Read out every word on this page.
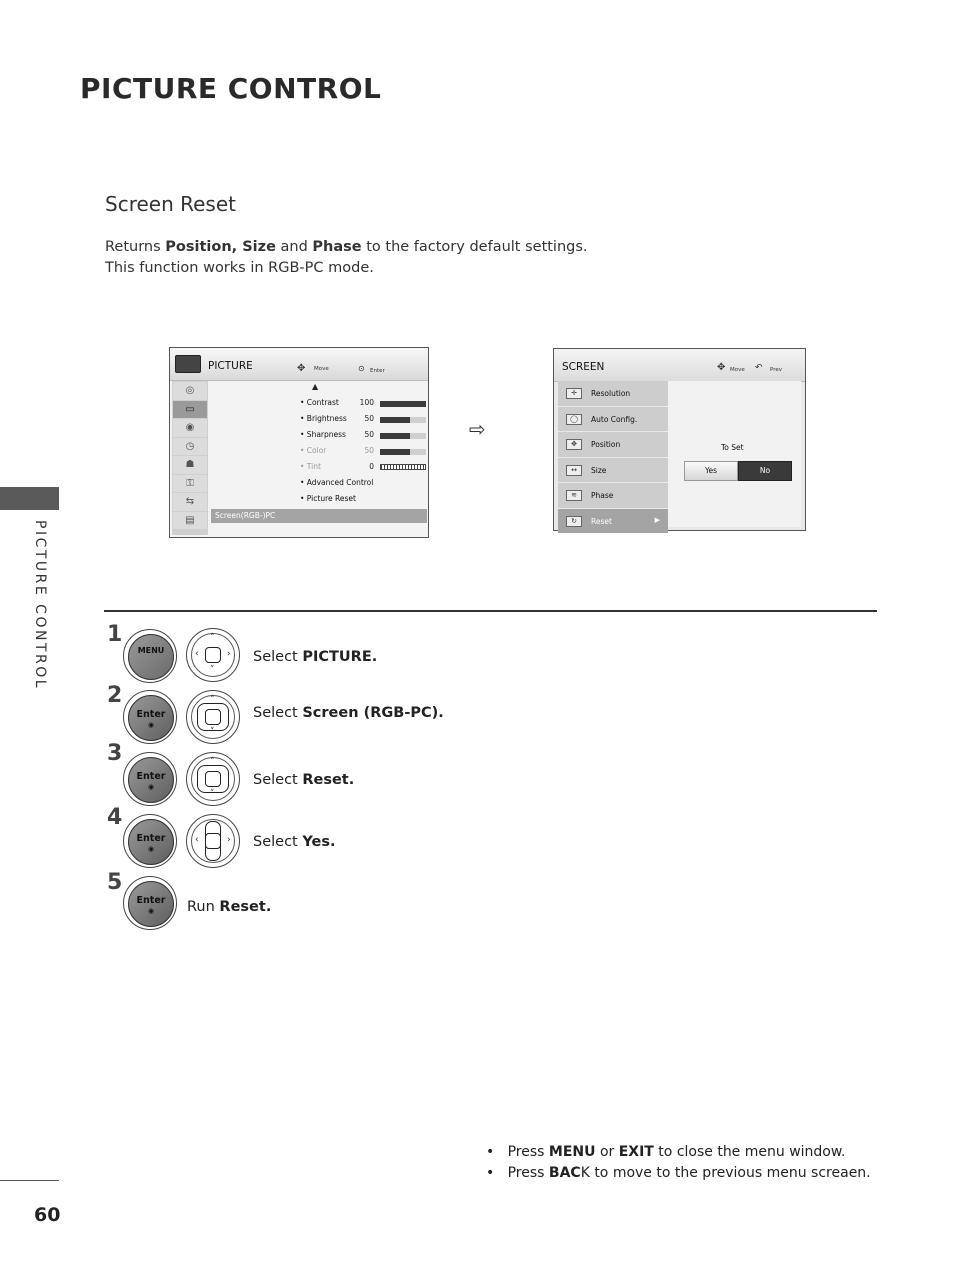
PICTURE CONTROL
PICTURE CONTROL
Screen Reset
Returns Position, Size and Phase to the factory default settings.
This function works in RGB-PC mode.
PICTURE	✥ Move	⊙ Enter
◎
▭
◉
◷
☗
⚿
⇆
▤
▲
• Contrast	100
• Brightness	50
• Sharpness	50
• Color	50
• Tint	0
• Advanced Control
• Picture Reset
Screen(RGB-)PC
⇨
SCREEN	✥ Move ↶ Prev
✛	Resolution
◯	Auto Config.
✥	Position
↔	Size
≋	Phase
↻	Reset	▶
To Set
Yes	No
1
MENU
˄
˅
‹	› Select PICTURE.
2
Enter
◉
˄
˅
Select Screen (RGB-PC).
3
Enter
◉
˄
˅
Select Reset.
4
Enter
◉
‹	› Select Yes.
5
Enter
◉	Run Reset.
•   Press MENU or EXIT to close the menu window.
•   Press BACK to move to the previous menu screaen.
60
